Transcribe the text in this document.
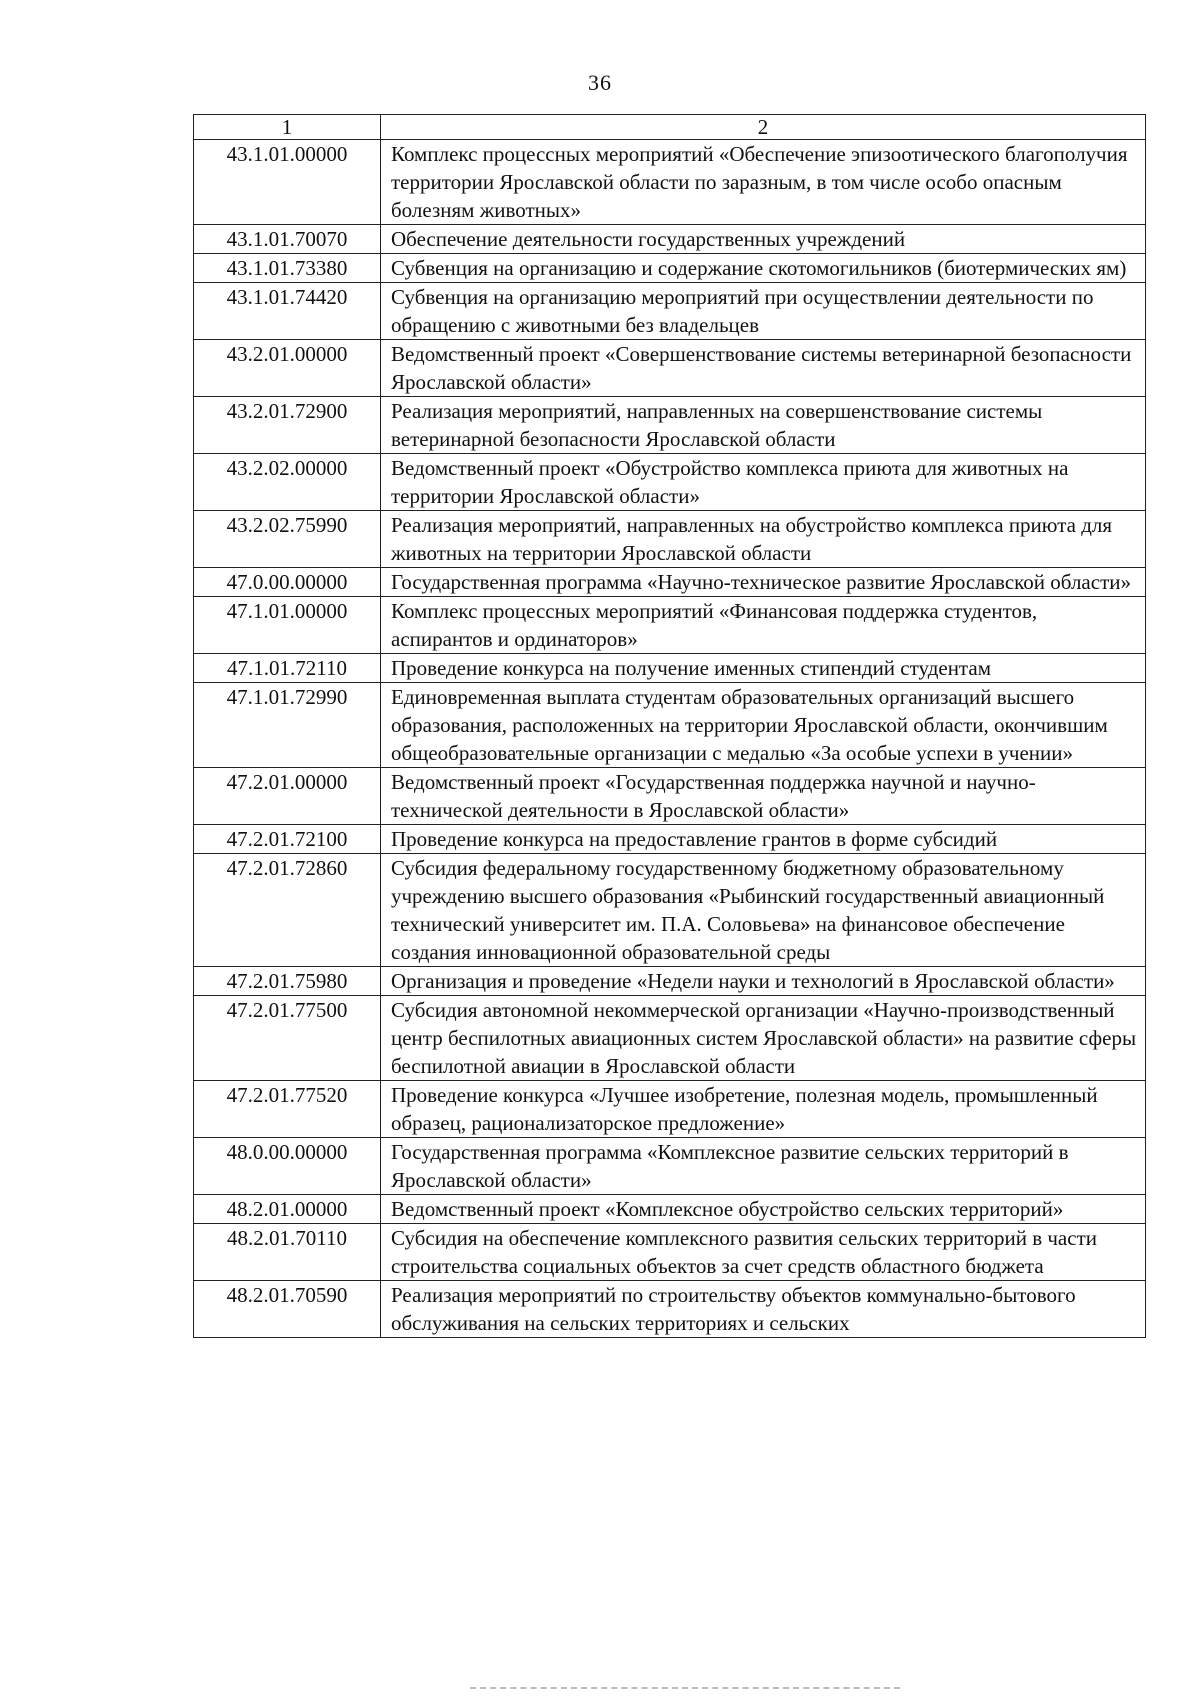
36
1	2
43.1.01.00000	Комплекс процессных мероприятий «Обеспечение эпизоотического благополучия территории Ярославской области по заразным, в том числе особо опасным болезням животных»
43.1.01.70070	Обеспечение деятельности государственных учреждений
43.1.01.73380	Субвенция на организацию и содержание скотомогильников (биотермических ям)
43.1.01.74420	Субвенция на организацию мероприятий при осуществлении деятельности по обращению с животными без владельцев
43.2.01.00000	Ведомственный проект «Совершенствование системы ветеринарной безопасности Ярославской области»
43.2.01.72900	Реализация мероприятий, направленных на совершенствование системы ветеринарной безопасности Ярославской области
43.2.02.00000	Ведомственный проект «Обустройство комплекса приюта для животных на территории Ярославской области»
43.2.02.75990	Реализация мероприятий, направленных на обустройство комплекса приюта для животных на территории Ярославской области
47.0.00.00000	Государственная программа «Научно-техническое развитие Ярославской области»
47.1.01.00000	Комплекс процессных мероприятий «Финансовая поддержка студентов, аспирантов и ординаторов»
47.1.01.72110	Проведение конкурса на получение именных стипендий студентам
47.1.01.72990	Единовременная выплата студентам образовательных организаций высшего образования, расположенных на территории Ярославской области, окончившим общеобразовательные организации с медалью «За особые успехи в учении»
47.2.01.00000	Ведомственный проект «Государственная поддержка научной и научно-технической деятельности в Ярославской области»
47.2.01.72100	Проведение конкурса на предоставление грантов в форме субсидий
47.2.01.72860	Субсидия федеральному государственному бюджетному образовательному учреждению высшего образования «Рыбинский государственный авиационный технический университет им. П.А. Соловьева» на финансовое обеспечение создания инновационной образовательной среды
47.2.01.75980	Организация и проведение «Недели науки и технологий в Ярославской области»
47.2.01.77500	Субсидия автономной некоммерческой организации «Научно-производственный центр беспилотных авиационных систем Ярославской области» на развитие сферы беспилотной авиации в Ярославской области
47.2.01.77520	Проведение конкурса «Лучшее изобретение, полезная модель, промышленный образец, рационализаторское предложение»
48.0.00.00000	Государственная программа «Комплексное развитие сельских территорий в Ярославской области»
48.2.01.00000	Ведомственный проект «Комплексное обустройство сельских территорий»
48.2.01.70110	Субсидия на обеспечение комплексного развития сельских территорий в части строительства социальных объектов за счет средств областного бюджета
48.2.01.70590	Реализация мероприятий по строительству объектов коммунально-бытового обслуживания на сельских территориях и сельских
